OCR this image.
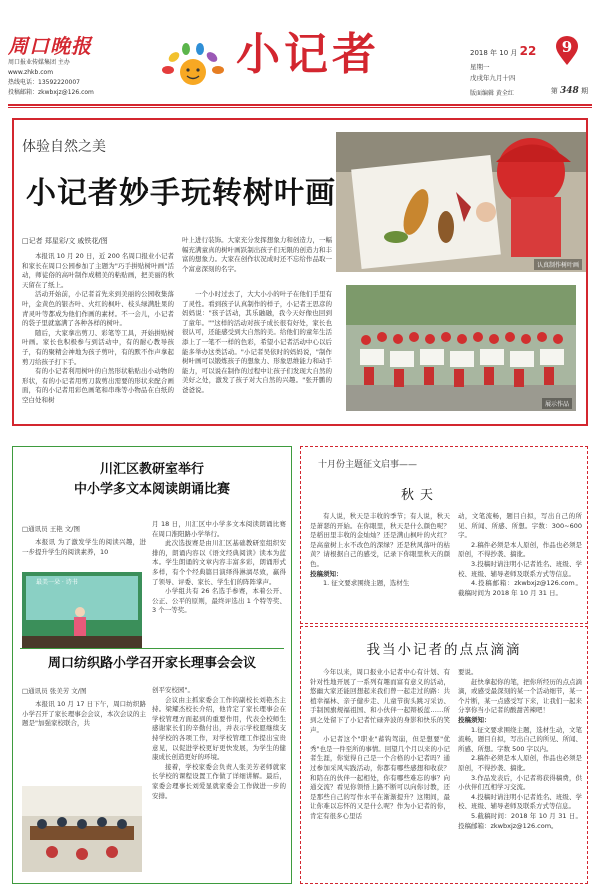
周口晚报
周口报业传媒集团 主办
www.zhkb.com
热线电话：13592220007
投稿邮箱：zkwbxjz@126.com
小记者	2018 年 10 月 22	9
星期一
戊戌年九月十四
版面编辑 黄全红	第 348 期
体验自然之美
小记者妙手玩转树叶画
□记者 郑星彩/文 戚铁花/图

本报讯 10 月 20 日，近 200 名周口报业小记者和家长在周口公园参加了主题为"巧手拼贴树叶画"活动，师徒俗的高叶制作成精美的粘贴画，把美丽的秋天留在了纸上。

活动开始前，小记者首先来到美丽的公园收集落叶，金黄色的银杏叶、火红的枫叶、枝头绿满肚果的青灵叶等都成为他们作画的素材。不一会儿，小记者的袋子里就塞满了各种各样的树叶。

随后，大家拿出剪刀、彩笔等工具，开始拼贴树叶画。家长也积极参与到活动中，有的耐心教导孩子，有的聚精会神地为孩子剪叶，有的默不作声拿起剪刀给孩子打下手。

有的小记者利用树叶的自然形状粘贴出小动物的形状，有的小记者用剪刀裁剪出需要的形状来配合画面，有的小记者用彩色画笔和串珠等小物品在白纸的空白处和树

叶上进行装饰。大家充分发挥想象力和创造力，一幅幅充满童真的树叶画跃制出孩子们无限的创造力和丰富的想象力。大家在创作状况成时还不忘给作品取一个富意深刻的名字。

一个小时过去了，大大小小的叶子在他们手里有了灵性。看到孩子认真制作的样子，小记者王思彦的妈妈说："孩子活动，其乐融融，我今天好像也回到了童年。""这样的活动对孩子成长很有好处，家长也很认可，还能感受到大自然的美。给他们的童年生活添上了一笔不一样的色彩，希望小记者活动中心以后能多举办这类活动。"小记者吴依时的妈妈说，"制作树叶画可以锻炼孩子的想象力、形象思维能力和动手能力，可以说在制作的过程中让孩子们发现大自然的美好之处，激发了孩子对大自然的兴趣。"张开鹏的爸爸说。

认真制作树叶画
展示作品
川汇区教研室举行
中小学多文本阅读朗诵比赛
□通讯员 王艳 文/图

本报讯 为了激发学生的阅读兴趣，进一步提升学生的阅读素养，10

最美一朵 · 诗书

月 18 日，川汇区中小学多文本阅读朗诵比赛在周口淮阳路小学举行。

此次选拔赛是由川汇区基础教研室组织安排的，朗诵内容以《语文经典阅读》读本为蓝本。学生朗诵的文章内容丰富多彩，朗诵形式多样，有个个经典篇目演绎得淋漓尽致，赢得了领导、评委、家长、学生们的阵阵掌声。

小学组共有 26 名选手参赛，本着公开、公正、公平的原则，最终评选出 1 个特等奖、3 个一等奖。

周口纺织路小学召开家长理事会会议
□通讯员 张美芳 文/图

本报讯 10 月 17 日下午，周口纺织路小学召开了家长理事会会议，本次会议的主题是"加强家校联合，共

创平安校园"。

会议由主抓家委会工作的副校长刘艳杰主持。梁耀杰校长介绍，他肯定了家长理事会在学校管理方面起到的重要作用，代表全校师生感谢家长们的辛勤付出，并表示学校愿继续支持学校的各项工作，对学校管理工作提出宝贵意见，以促进学校更好更快发展，为学生的健康成长创造更好的环境。

接着，学校家委会负责人张美芳老师就家长学校的课程设置工作做了详细讲解。最后，家委会理事长刘爱显就家委会工作做进一步的安排。

十月份主题征文启事——
秋天

有人说，秋天是丰收的季节；有人说，秋天是萧瑟的开始。在你眼里，秋天是什么颜色呢？是稻田里丰收的金灿灿？还是满山枫叶的火红？是高童树上水不改色的深绿？还是秋风落叶的枯黄？请根据自己的感受，记录下你眼里秋天的颜色。

投稿须知：

1. 征文要求围绕主题，选材生

动，文笔流畅，题目自拟，写出自己的所见、所闻、所感、所想。字数：300~600 字。

2.稿件必须是本人原创，作品也必须是原创，不得抄袭、搞讹。

3.投稿时请注明小记者姓名、班级、学校、班级、辅导老师及联系方式等信息。

4.投稿邮箱：zkwbxjz@126.com。截稿时间为 2018 年 10 月 31 日。

我当小记者的点点滴滴

今年以来，周口报业小记者中心有计划、有针对性地开展了一系列有趣而富有意义的活动，悠幽大家还能回想起来我们曾一起走过的路：共植幸福林、亲子健步走、儿童节街头跳习采访、手制国旗规福祖国、和小伙伴一起辩板蓝……所到之处留下了小记者忙碌奔波的身影和快乐的笑声。

小记者这个"职业"蓄钩驾崩，但是想要"优秀"也是一件至所的事情。回望几个月以来的小记者生涯，你觉得自己是一个合格的小记者吗？通过参加采风实践活动，你都有哪些感想和收获？和陪在的伙伴一起相处，你有哪些难忘的事？向通交流？看见你领悟上路不断可以向你讨教，还是那些自己的写作水平在渐渐提升？这期间，最让你难以忘怀的又是什么呢？作为小记者的你，肯定有很多心里话

要说。

赶快拿起你的笔，把你所经历的点点滴滴，或感受最深刻的某一个活动细节，某一个片断，某一点感受写下来，让我们一起来分享你当小记者的酸甜苦辣吧！

投稿须知：

1.征文要求围绕主题，选材生动，文笔流畅，题目自拟，写出自己的所见、所闻、所感、所想。字数 500 字以内。

2.稿件必须是本人原创，作品也必须是原创，不得抄袭、搞讹。

3.作品发表后，小记者将获得稿费，供小伙伴们互相学习交流。

4.投稿时请注明小记者姓名、班级、学校、班级、辅导老师及联系方式等信息。

5.截稿时间：2018 年 10 月 31 日。投稿邮箱：zkwbxjz@126.com。
